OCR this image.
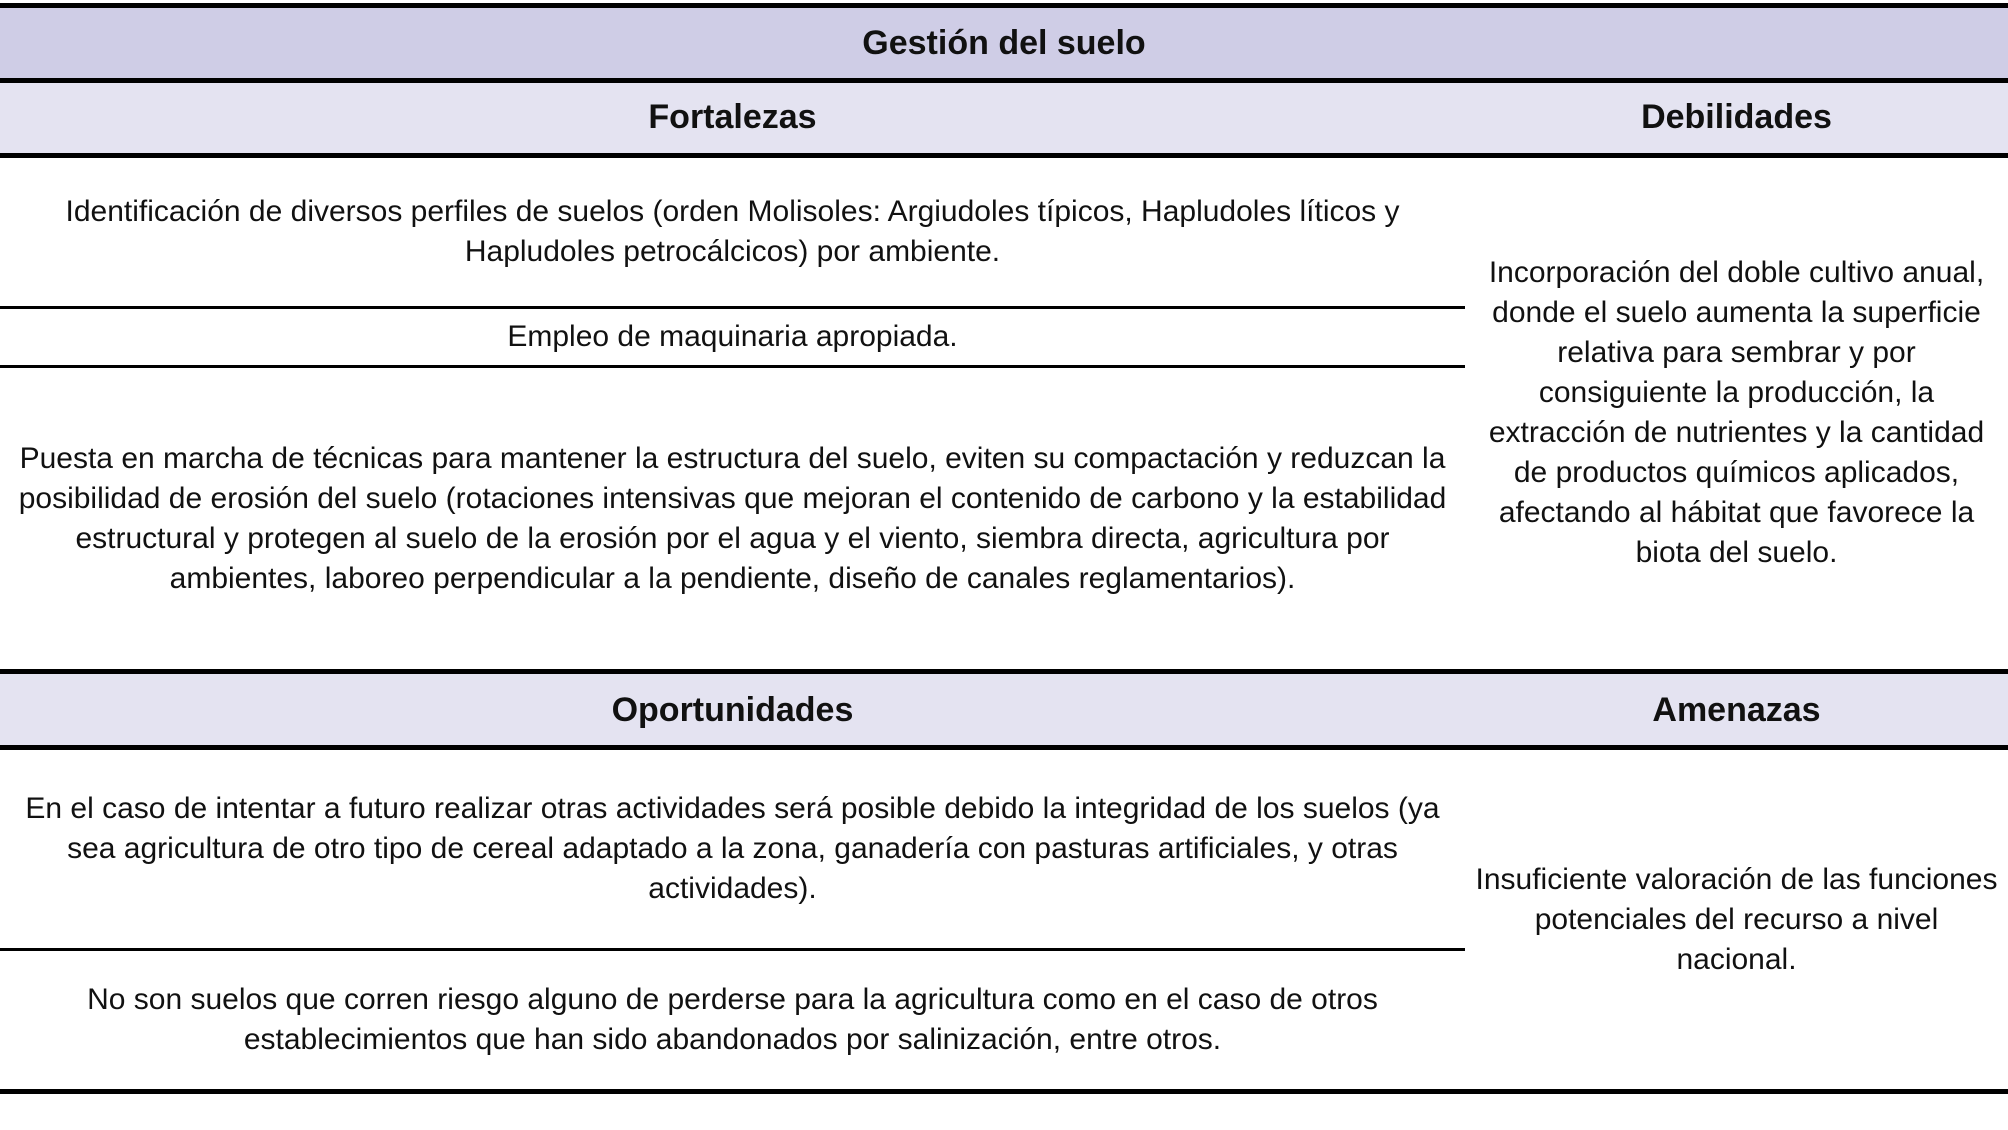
Gestión del suelo
Fortalezas	Debilidades
Identificación de diversos perfiles de suelos (orden Molisoles: Argiudoles típicos, Hapludoles líticos y Hapludoles petrocálcicos) por ambiente.
Empleo de maquinaria apropiada.
Puesta en marcha de técnicas para mantener la estructura del suelo, eviten su compactación y reduzcan la posibilidad de erosión del suelo (rotaciones intensivas que mejoran el contenido de carbono y la estabilidad estructural y protegen al suelo de la erosión por el agua y el viento, siembra directa, agricultura por ambientes, laboreo perpendicular a la pendiente, diseño de canales reglamentarios).
Incorporación del doble cultivo anual, donde el suelo aumenta la superficie relativa para sembrar y por consiguiente la producción, la extracción de nutrientes y la cantidad de productos químicos aplicados, afectando al hábitat que favorece la biota del suelo.
Oportunidades	Amenazas
En el caso de intentar a futuro realizar otras actividades será posible debido la integridad de los suelos (ya sea agricultura de otro tipo de cereal adaptado a la zona, ganadería con pasturas artificiales, y otras actividades).
No son suelos que corren riesgo alguno de perderse para la agricultura como en el caso de otros establecimientos que han sido abandonados por salinización, entre otros.
Insuficiente valoración de las funciones potenciales del recurso a nivel nacional.
